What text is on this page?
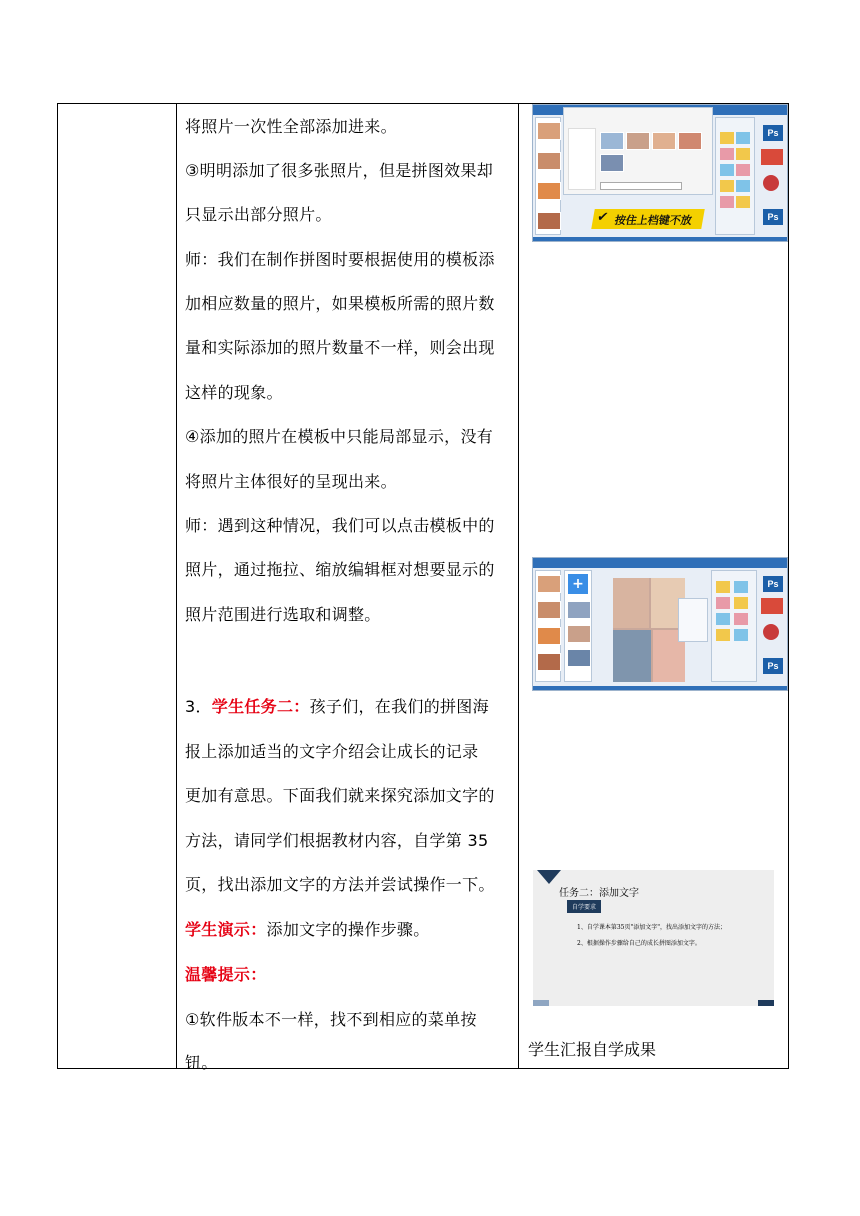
将照片一次性全部添加进来。
③明明添加了很多张照片，但是拼图效果却
只显示出部分照片。
师：我们在制作拼图时要根据使用的模板添
加相应数量的照片，如果模板所需的照片数
量和实际添加的照片数量不一样，则会出现
这样的现象。
④添加的照片在模板中只能局部显示，没有
将照片主体很好的呈现出来。
师：遇到这种情况，我们可以点击模板中的
照片，通过拖拉、缩放编辑框对想要显示的
照片范围进行选取和调整。
3．学生任务二：孩子们，在我们的拼图海
报上添加适当的文字介绍会让成长的记录
更加有意思。下面我们就来探究添加文字的
方法，请同学们根据教材内容，自学第 35
页，找出添加文字的方法并尝试操作一下。
学生演示：添加文字的操作步骤。
温馨提示：
①软件版本不一样，找不到相应的菜单按
钮。
Ps
Ps
✔ 按住上档键不放
+	Ps
Ps
任务二：添加文字
自学要求
1、自学课本第35页"添加文字"，找出添加文字的方法；
2、根据操作步骤给自己的成长拼图添加文字。
学生汇报自学成果
